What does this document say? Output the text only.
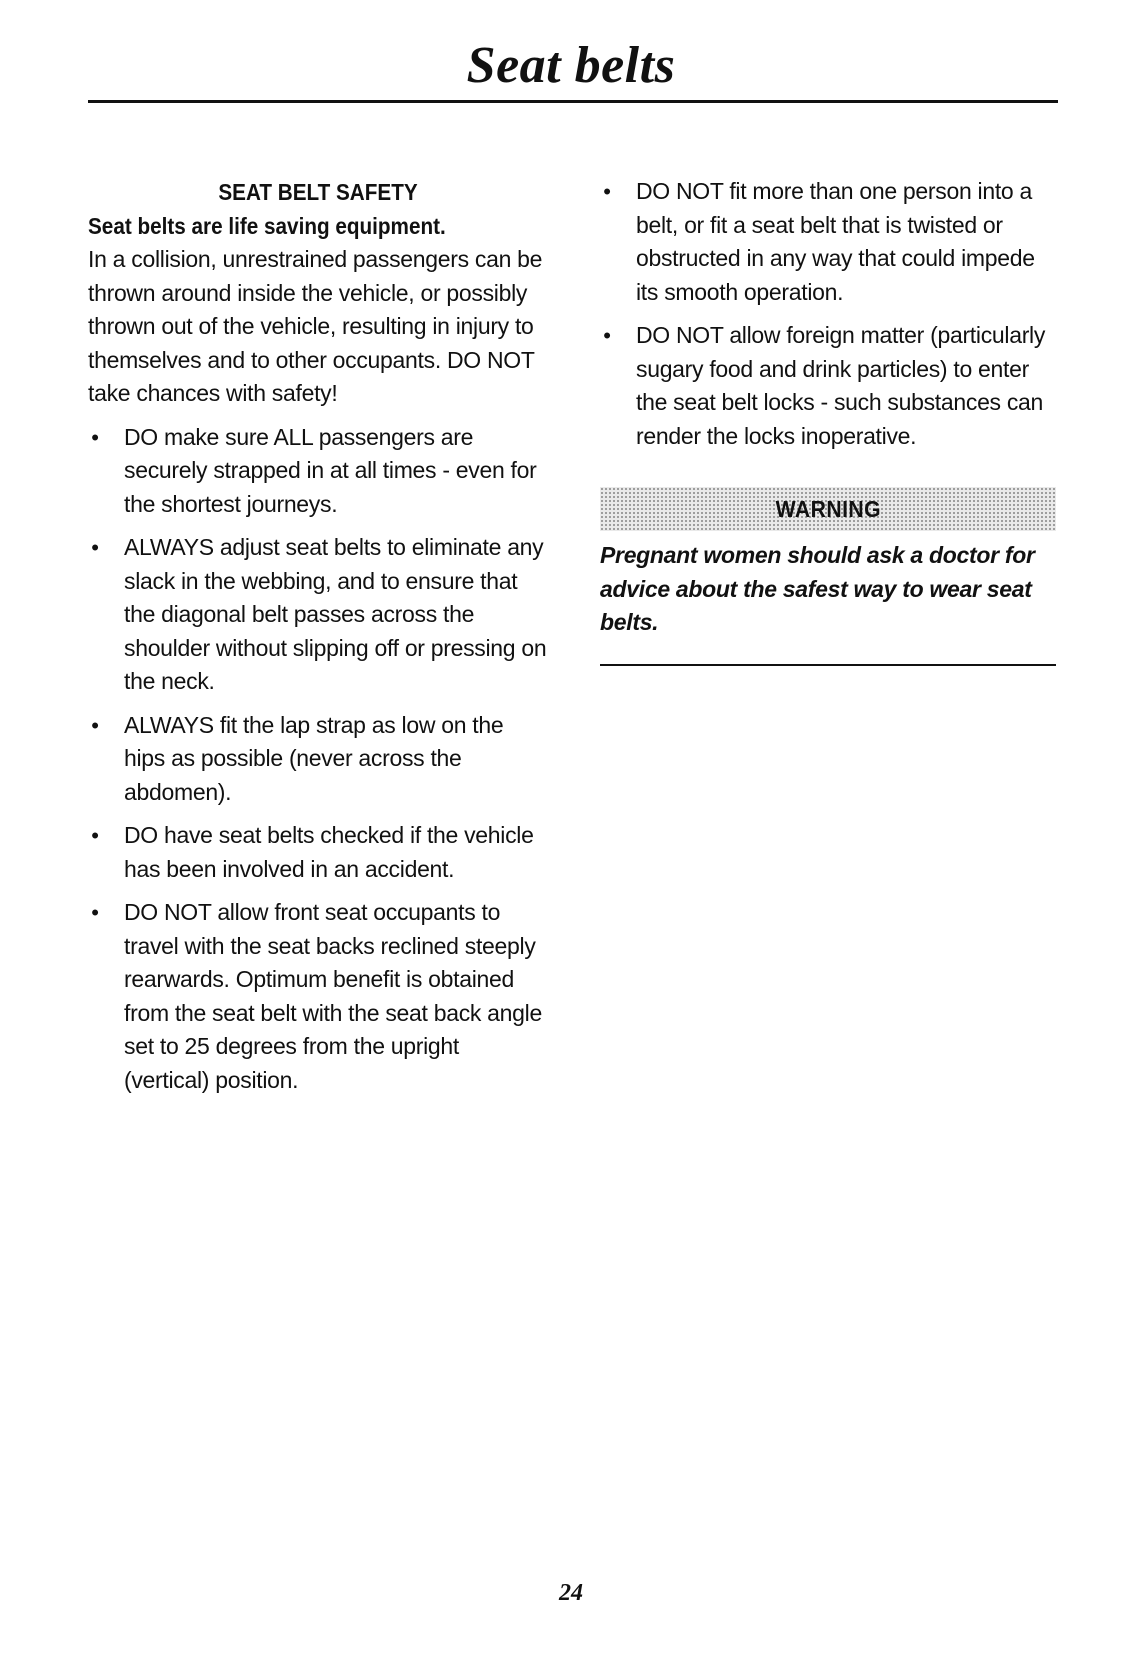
Seat belts
SEAT BELT SAFETY
Seat belts are life saving equipment.
In a collision, unrestrained passengers can be thrown around inside the vehicle, or possibly thrown out of the vehicle, resulting in injury to themselves and to other occupants. DO NOT take chances with safety!
• DO make sure ALL passengers are securely strapped in at all times - even for the shortest journeys.
• ALWAYS adjust seat belts to eliminate any slack in the webbing, and to ensure that the diagonal belt passes across the shoulder without slipping off or pressing on the neck.
• ALWAYS fit the lap strap as low on the hips as possible (never across the abdomen).
• DO have seat belts checked if the vehicle has been involved in an accident.
• DO NOT allow front seat occupants to travel with the seat backs reclined steeply rearwards. Optimum benefit is obtained from the seat belt with the seat back angle set to 25 degrees from the upright (vertical) position.
• DO NOT fit more than one person into a belt, or fit a seat belt that is twisted or obstructed in any way that could impede its smooth operation.
• DO NOT allow foreign matter (particularly sugary food and drink particles) to enter the seat belt locks - such substances can render the locks inoperative.
WARNING
Pregnant women should ask a doctor for advice about the safest way to wear seat belts.
24
